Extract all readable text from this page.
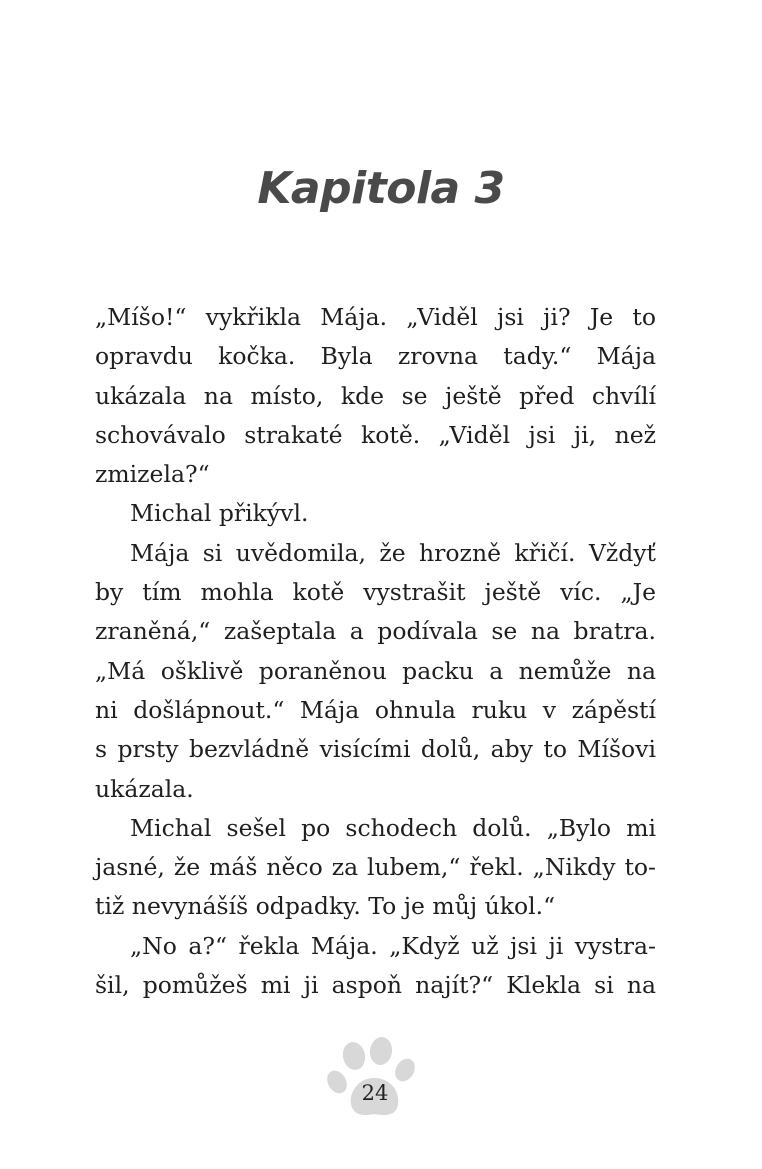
Kapitola 3
„Míšo!“ vykřikla Mája. „Viděl jsi ji? Je to
opravdu kočka. Byla zrovna tady.“ Mája
ukázala na místo, kde se ještě před chvílí
schovávalo strakaté kotě. „Viděl jsi ji, než
zmizela?“
Michal přikývl.
Mája si uvědomila, že hrozně křičí. Vždyť
by tím mohla kotě vystrašit ještě víc. „Je
zraněná,“ zašeptala a podívala se na bratra.
„Má ošklivě poraněnou packu a nemůže na
ni došlápnout.“ Mája ohnula ruku v zápěstí
s prsty bezvládně visícími dolů, aby to Míšovi
ukázala.
Michal sešel po schodech dolů. „Bylo mi
jasné, že máš něco za lubem,“ řekl. „Nikdy to-
tiž nevynášíš odpadky. To je můj úkol.“
„No a?“ řekla Mája. „Když už jsi ji vystra-
šil, pomůžeš mi ji aspoň najít?“ Klekla si na
24
